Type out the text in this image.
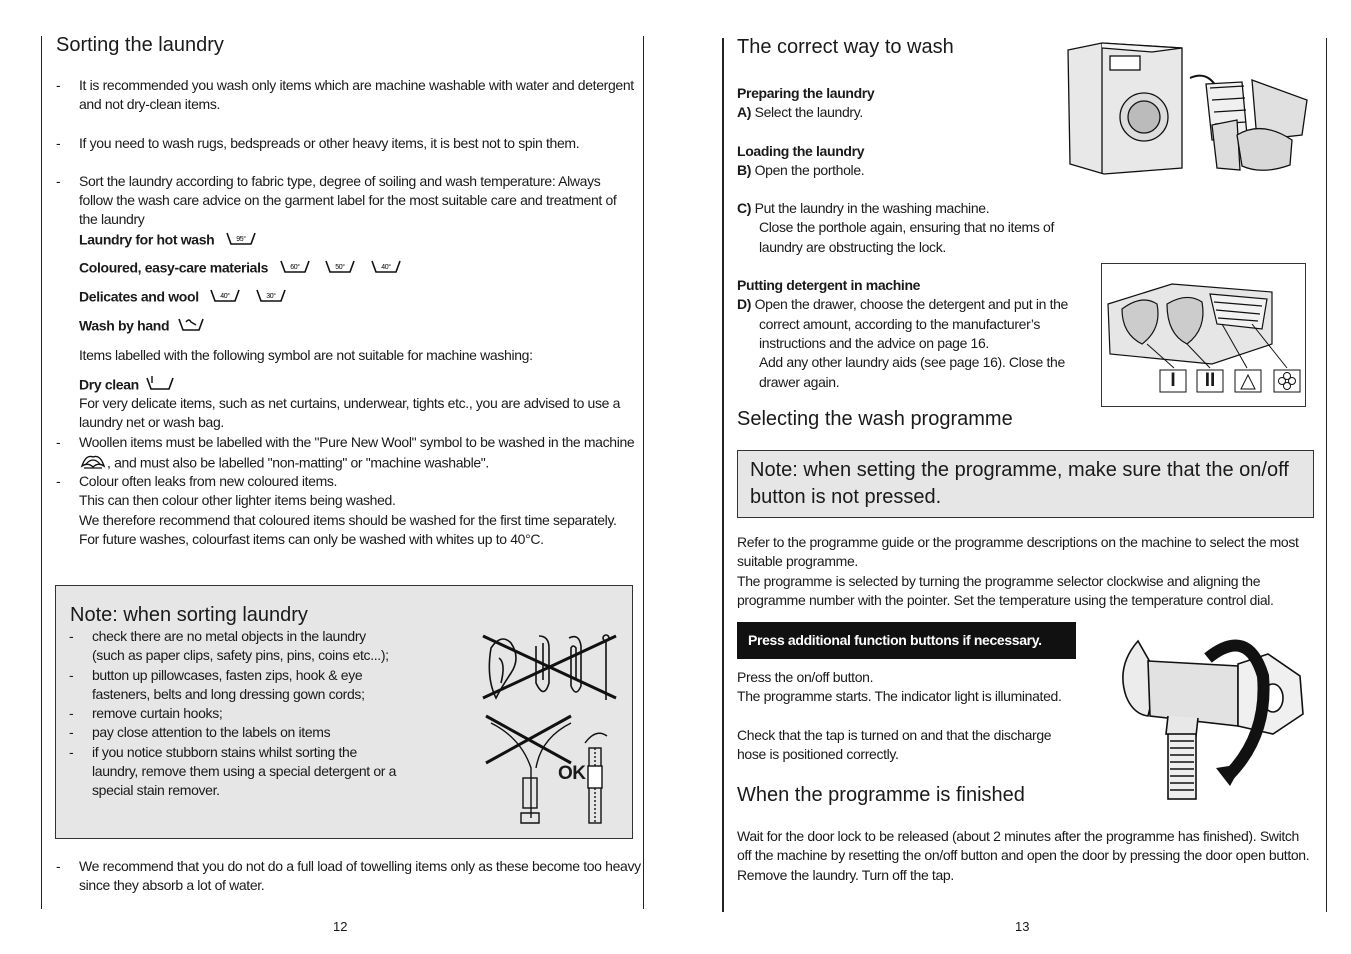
Sorting the laundry
- It is recommended you wash only items which are machine washable with water and detergent and not dry-clean items.
- If you need to wash rugs, bedspreads or other heavy items, it is best not to spin them.
- Sort the laundry according to fabric type, degree of soiling and wash temperature: Always follow the wash care advice on the garment label for the most suitable care and treatment of the laundry
Laundry for hot wash	95°
Coloured, easy-care materials	60°
	50°
	40°
Delicates and wool	40°
	30°
Wash by hand
Items labelled with the following symbol are not suitable for machine washing:
Dry clean
For very delicate items, such as net curtains, underwear, tights etc., you are advised to use a laundry net or wash bag.
- Woollen items must be labelled with the "Pure New Wool" symbol to be washed in the machine , and must also be labelled "non-matting" or "machine washable".
- Colour often leaks from new coloured items.
This can then colour other lighter items being washed.
We therefore recommend that coloured items should be washed for the first time separately.
For future washes, colourfast items can only be washed with whites up to 40°C.
Note: when sorting laundry
- check there are no metal objects in the laundry (such as paper clips, safety pins, pins, coins etc...);
- button up pillowcases, fasten zips, hook & eye fasteners, belts and long dressing gown cords;
- remove curtain hooks;
- pay close attention to the labels on items
- if you notice stubborn stains whilst sorting the laundry, remove them using a special detergent or a special stain remover.
OK
- We recommend that you do not do a full load of towelling items only as these become too heavy since they absorb a lot of water.
12
The correct way to wash
Preparing the laundry
A) Select the laundry.
Loading the laundry
B) Open the porthole.
C) Put the laundry in the washing machine.
Close the porthole again, ensuring that no items of laundry are obstructing the lock.
Putting detergent in machine
D) Open the drawer, choose the detergent and put in the
correct amount, according to the manufacturer’s instructions and the advice on page 16.
Add any other laundry aids (see page 16). Close the drawer again.	I	II
Selecting the wash programme
Note: when setting the programme, make sure that the on/off button is not pressed.
Refer to the programme guide or the programme descriptions on the machine to select the most suitable programme.
The programme is selected by turning the programme selector clockwise and aligning the programme number with the pointer. Set the temperature using the temperature control dial.
Press additional function buttons if necessary.
Press the on/off button.
The programme starts. The indicator light is illuminated.
Check that the tap is turned on and that the discharge hose is positioned correctly.
When the programme is finished
Wait for the door lock to be released (about 2 minutes after the programme has finished). Switch off the machine by resetting the on/off button and open the door by pressing the door open button. Remove the laundry. Turn off the tap.
13
